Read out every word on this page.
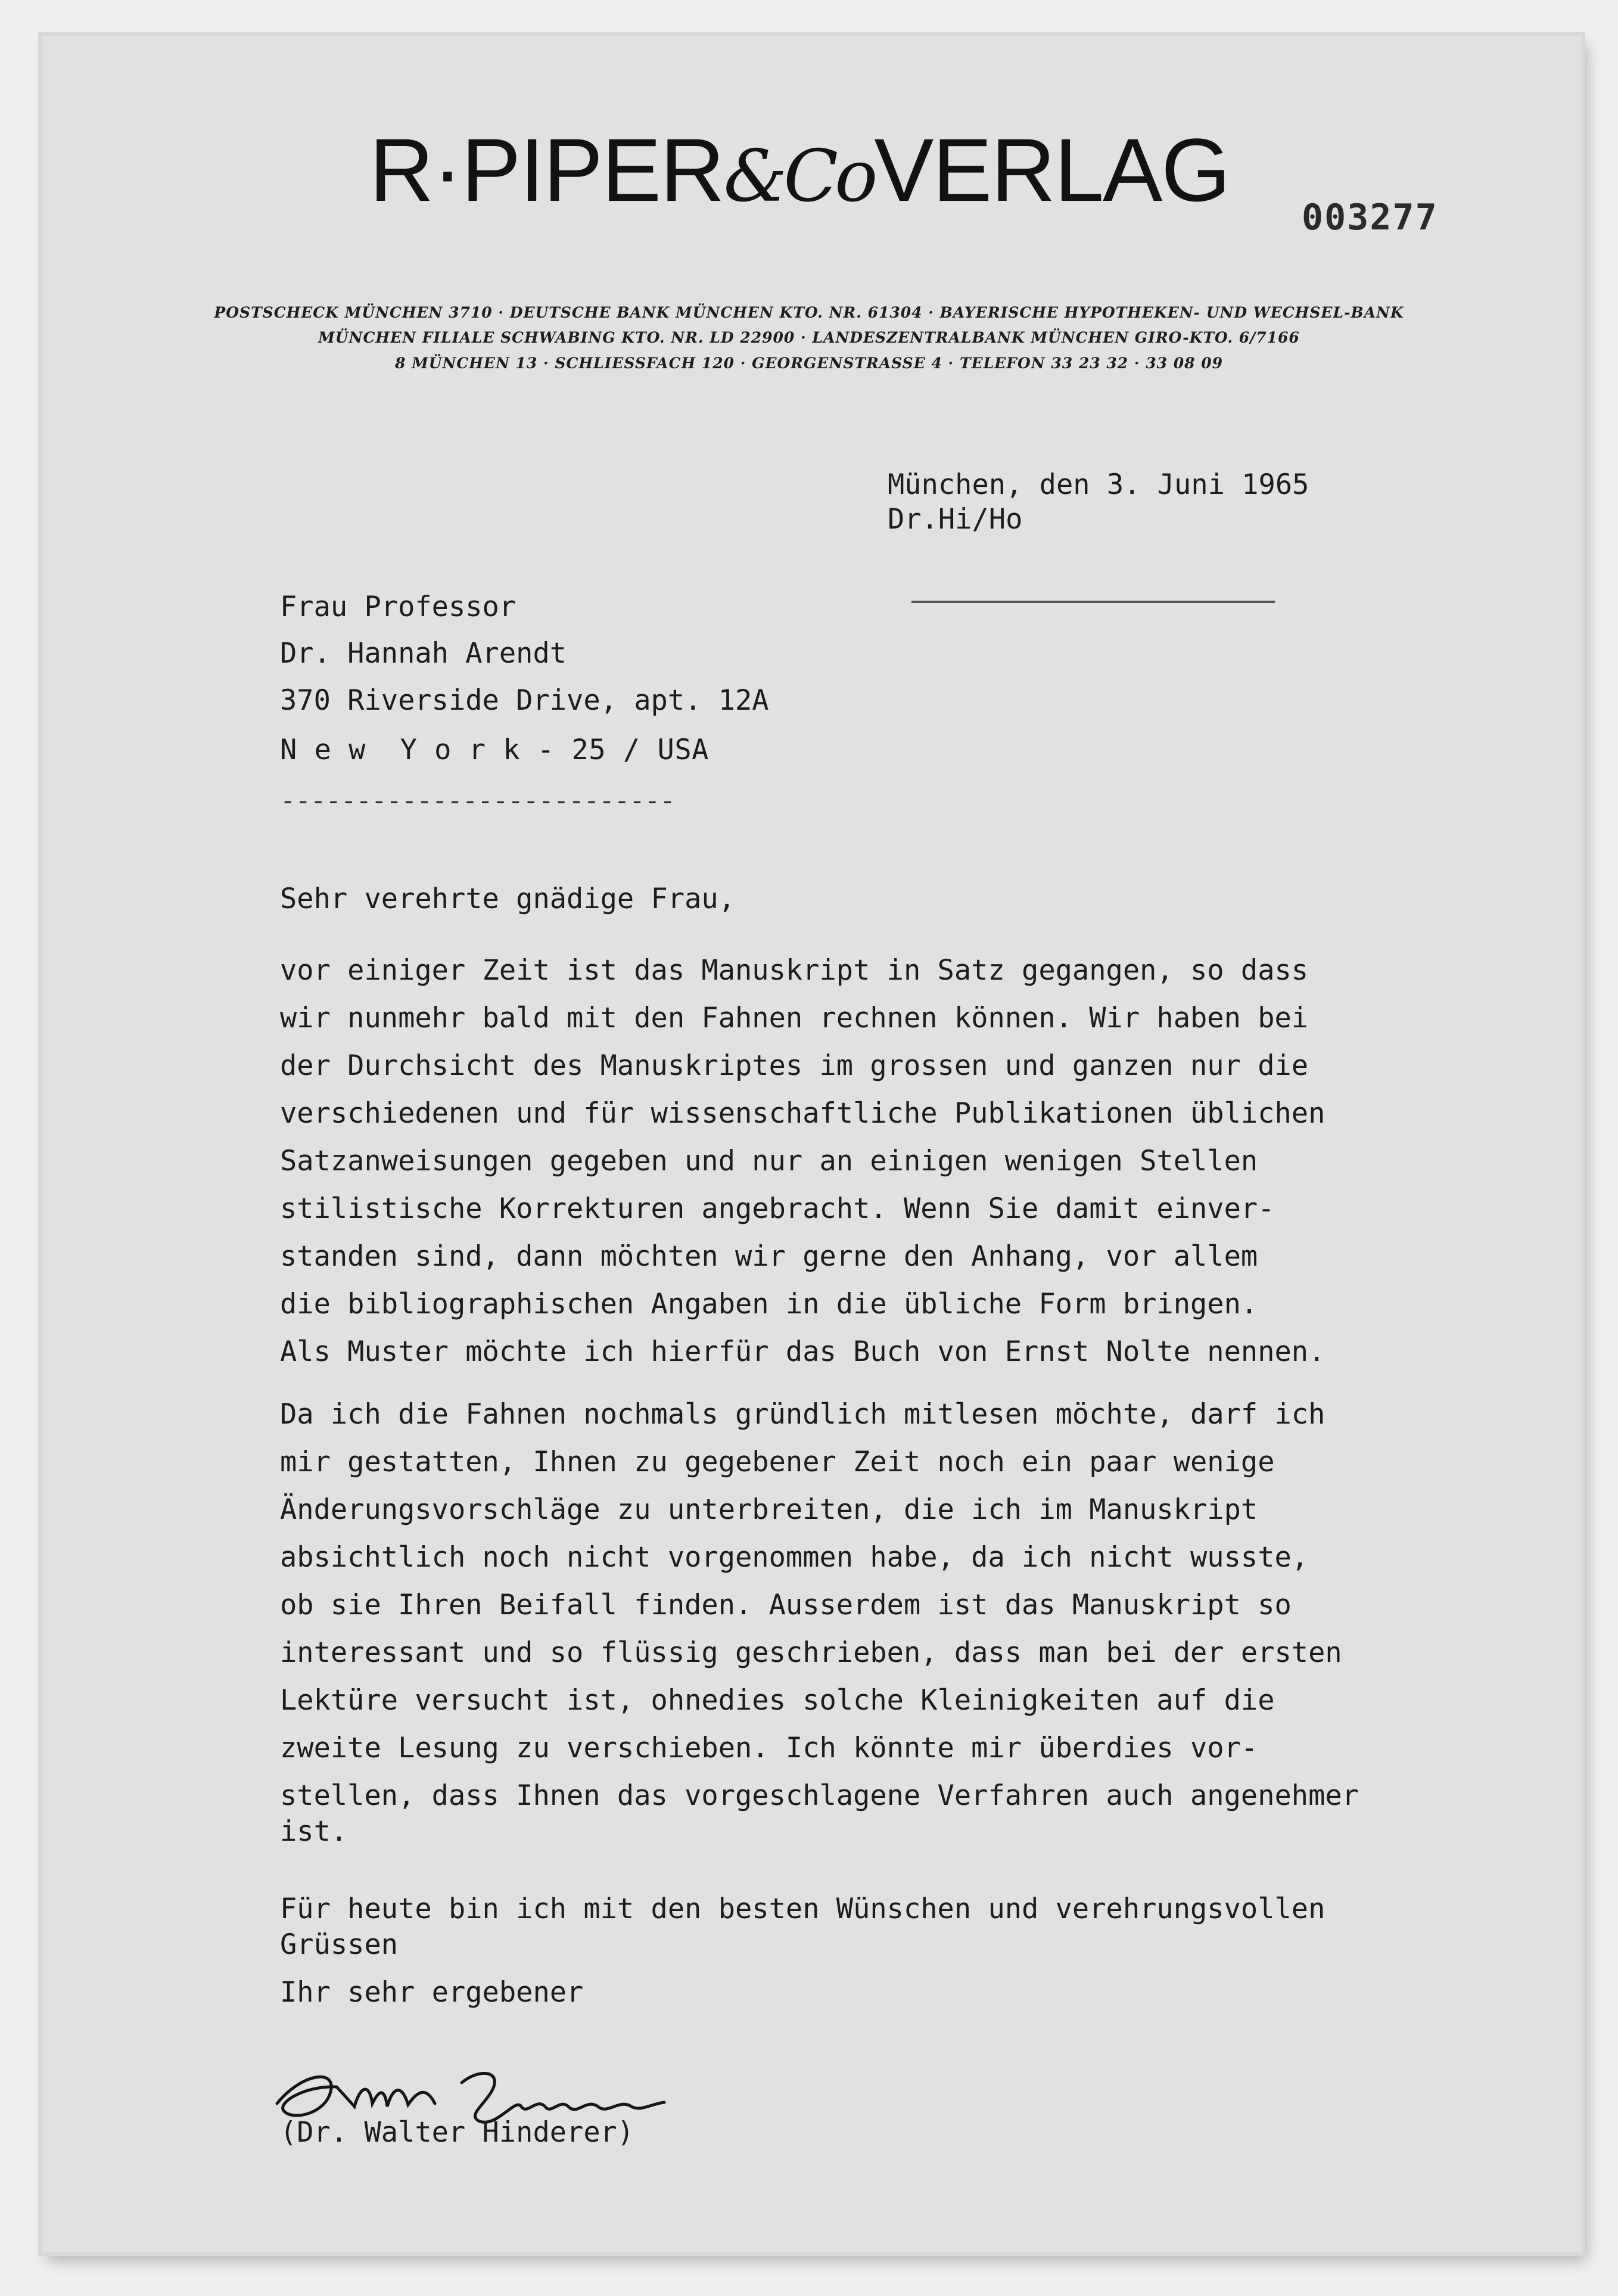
R·PIPER&CoVERLAG 003277
POSTSCHECK MÜNCHEN 3710 · DEUTSCHE BANK MÜNCHEN KTO. NR. 61304 · BAYERISCHE HYPOTHEKEN- UND WECHSEL-BANK
MÜNCHEN FILIALE SCHWABING KTO. NR. LD 22900 · LANDESZENTRALBANK MÜNCHEN GIRO-KTO. 6/7166
8 MÜNCHEN 13 · SCHLIESSFACH 120 · GEORGENSTRASSE 4 · TELEFON 33 23 32 · 33 08 09
München, den 3. Juni 1965
Dr.Hi/Ho
Frau Professor
Dr. Hannah Arendt
370 Riverside Drive, apt. 12A
N e w  Y o r k - 25 / USA
--------------------------
Sehr verehrte gnädige Frau,
vor einiger Zeit ist das Manuskript in Satz gegangen, so dass
wir nunmehr bald mit den Fahnen rechnen können. Wir haben bei
der Durchsicht des Manuskriptes im grossen und ganzen nur die
verschiedenen und für wissenschaftliche Publikationen üblichen
Satzanweisungen gegeben und nur an einigen wenigen Stellen
stilistische Korrekturen angebracht. Wenn Sie damit einver-
standen sind, dann möchten wir gerne den Anhang, vor allem
die bibliographischen Angaben in die übliche Form bringen.
Als Muster möchte ich hierfür das Buch von Ernst Nolte nennen.
Da ich die Fahnen nochmals gründlich mitlesen möchte, darf ich
mir gestatten, Ihnen zu gegebener Zeit noch ein paar wenige
Änderungsvorschläge zu unterbreiten, die ich im Manuskript
absichtlich noch nicht vorgenommen habe, da ich nicht wusste,
ob sie Ihren Beifall finden. Ausserdem ist das Manuskript so
interessant und so flüssig geschrieben, dass man bei der ersten
Lektüre versucht ist, ohnedies solche Kleinigkeiten auf die
zweite Lesung zu verschieben. Ich könnte mir überdies vor-
stellen, dass Ihnen das vorgeschlagene Verfahren auch angenehmer
ist.
Für heute bin ich mit den besten Wünschen und verehrungsvollen
Grüssen
Ihr sehr ergebener
(Dr. Walter Hinderer)
